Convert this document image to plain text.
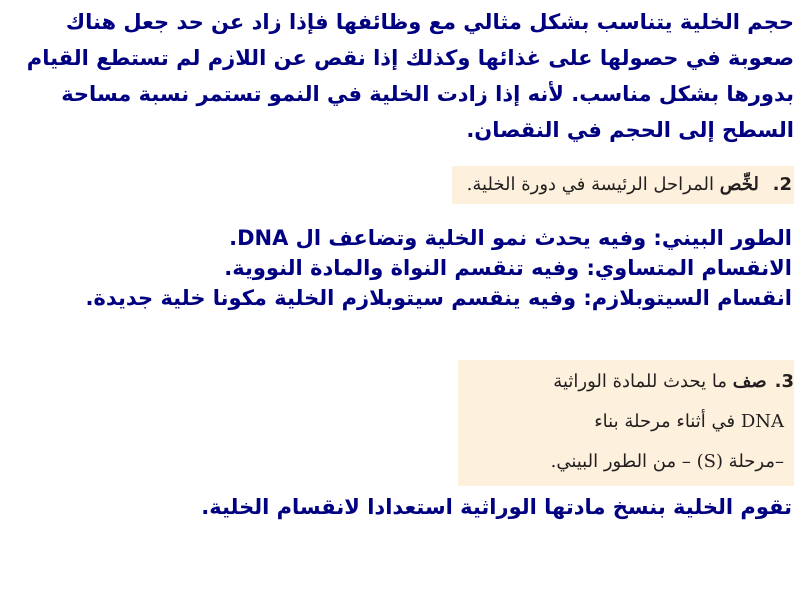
حجم الخلية يتناسب بشكل مثالي مع وظائفها فإذا زاد عن حد جعل هناك
صعوبة في حصولها على غذائها وكذلك إذا نقص عن اللازم لم تستطع القيام
بدورها بشكل مناسب. لأنه إذا زادت الخلية في النمو تستمر نسبة مساحة
السطح إلى الحجم في النقصان.
2. لخِّص المراحل الرئيسة في دورة الخلية.
الطور البيني: وفيه يحدث نمو الخلية وتضاعف ال DNA.
الانقسام المتساوي: وفيه تنقسم النواة والمادة النووية.
انقسام السيتوبلازم: وفيه ينقسم سيتوبلازم الخلية مكونا خلية جديدة.
3.صف ما يحدث للمادة الوراثية
DNA في أثناء مرحلة بناء
–مرحلة (S) – من الطور البيني.

تقوم الخلية بنسخ مادتها الوراثية استعدادا لانقسام الخلية.
